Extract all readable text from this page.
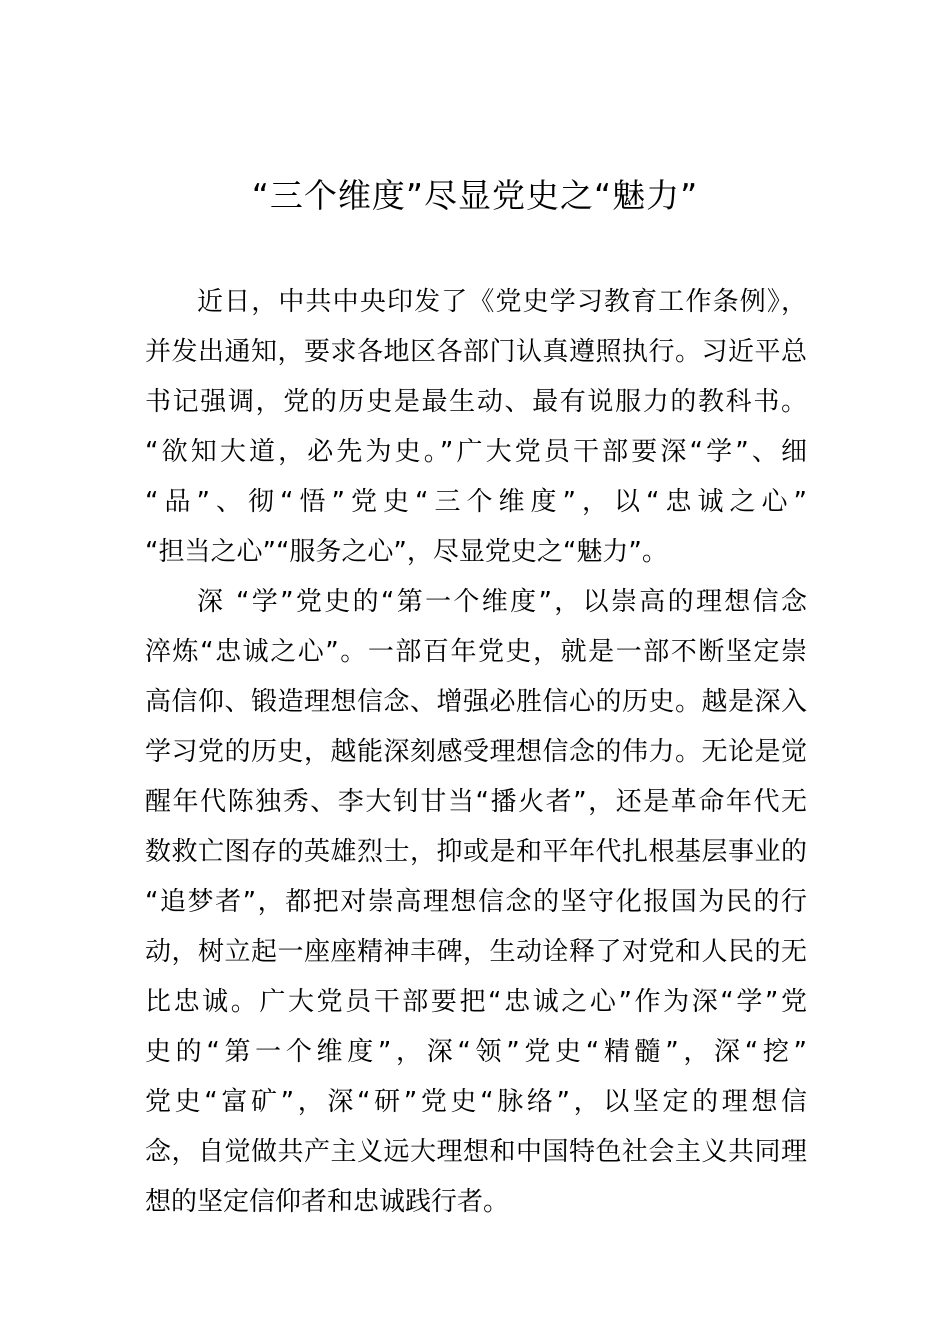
“三个维度”尽显党史之“魅力”
近日，中共中央印发了《党史学习教育工作条例》，
并发出通知，要求各地区各部门认真遵照执行。习近平总
书记强调，党的历史是最生动、最有说服力的教科书。
“欲知大道，必先为史。”广大党员干部要深“学”、细
“品”、彻“悟”党史“三个维度”，以“忠诚之心”
“担当之心”“服务之心”，尽显党史之“魅力”。
深 “学”党史的“第一个维度”，以崇高的理想信念
淬炼“忠诚之心”。一部百年党史，就是一部不断坚定崇
高信仰、锻造理想信念、增强必胜信心的历史。越是深入
学习党的历史，越能深刻感受理想信念的伟力。无论是觉
醒年代陈独秀、李大钊甘当“播火者”，还是革命年代无
数救亡图存的英雄烈士，抑或是和平年代扎根基层事业的
“追梦者”，都把对崇高理想信念的坚守化报国为民的行
动，树立起一座座精神丰碑，生动诠释了对党和人民的无
比忠诚。广大党员干部要把“忠诚之心”作为深“学”党
史的“第一个维度”，深“领”党史“精髓”，深“挖”
党史“富矿”，深“研”党史“脉络”，以坚定的理想信
念，自觉做共产主义远大理想和中国特色社会主义共同理
想的坚定信仰者和忠诚践行者。
